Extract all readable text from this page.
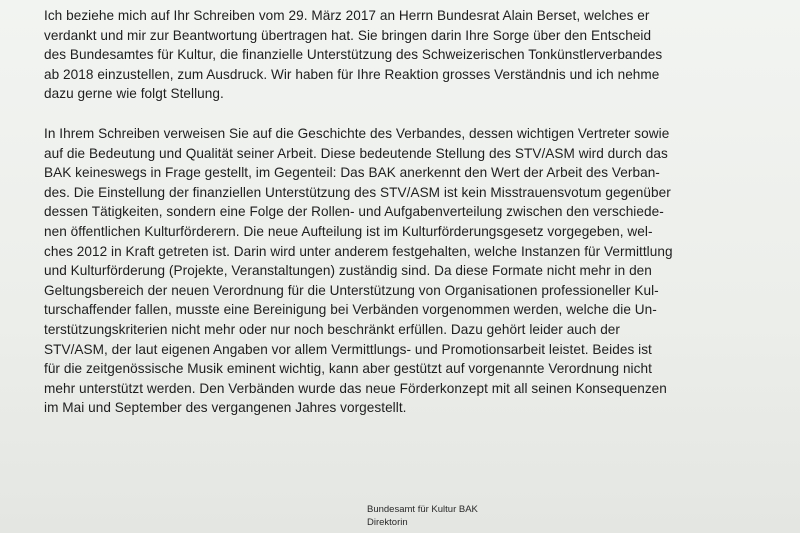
Ich beziehe mich auf Ihr Schreiben vom 29. März 2017 an Herrn Bundesrat Alain Berset, welches er
verdankt und mir zur Beantwortung übertragen hat. Sie bringen darin Ihre Sorge über den Entscheid
des Bundesamtes für Kultur, die finanzielle Unterstützung des Schweizerischen Tonkünstlerverbandes
ab 2018 einzustellen, zum Ausdruck. Wir haben für Ihre Reaktion grosses Verständnis und ich nehme
dazu gerne wie folgt Stellung.

In Ihrem Schreiben verweisen Sie auf die Geschichte des Verbandes, dessen wichtigen Vertreter sowie
auf die Bedeutung und Qualität seiner Arbeit. Diese bedeutende Stellung des STV/ASM wird durch das
BAK keineswegs in Frage gestellt, im Gegenteil: Das BAK anerkennt den Wert der Arbeit des Verban-
des. Die Einstellung der finanziellen Unterstützung des STV/ASM ist kein Misstrauensvotum gegenüber
dessen Tätigkeiten, sondern eine Folge der Rollen- und Aufgabenverteilung zwischen den verschiede-
nen öffentlichen Kulturförderern. Die neue Aufteilung ist im Kulturförderungsgesetz vorgegeben, wel-
ches 2012 in Kraft getreten ist. Darin wird unter anderem festgehalten, welche Instanzen für Vermittlung
und Kulturförderung (Projekte, Veranstaltungen) zuständig sind. Da diese Formate nicht mehr in den
Geltungsbereich der neuen Verordnung für die Unterstützung von Organisationen professioneller Kul-
turschaffender fallen, musste eine Bereinigung bei Verbänden vorgenommen werden, welche die Un-
terstützungskriterien nicht mehr oder nur noch beschränkt erfüllen. Dazu gehört leider auch der
STV/ASM, der laut eigenen Angaben vor allem Vermittlungs- und Promotionsarbeit leistet. Beides ist
für die zeitgenössische Musik eminent wichtig, kann aber gestützt auf vorgenannte Verordnung nicht
mehr unterstützt werden. Den Verbänden wurde das neue Förderkonzept mit all seinen Konsequenzen
im Mai und September des vergangenen Jahres vorgestellt.

Bundesamt für Kultur BAK
Direktorin
